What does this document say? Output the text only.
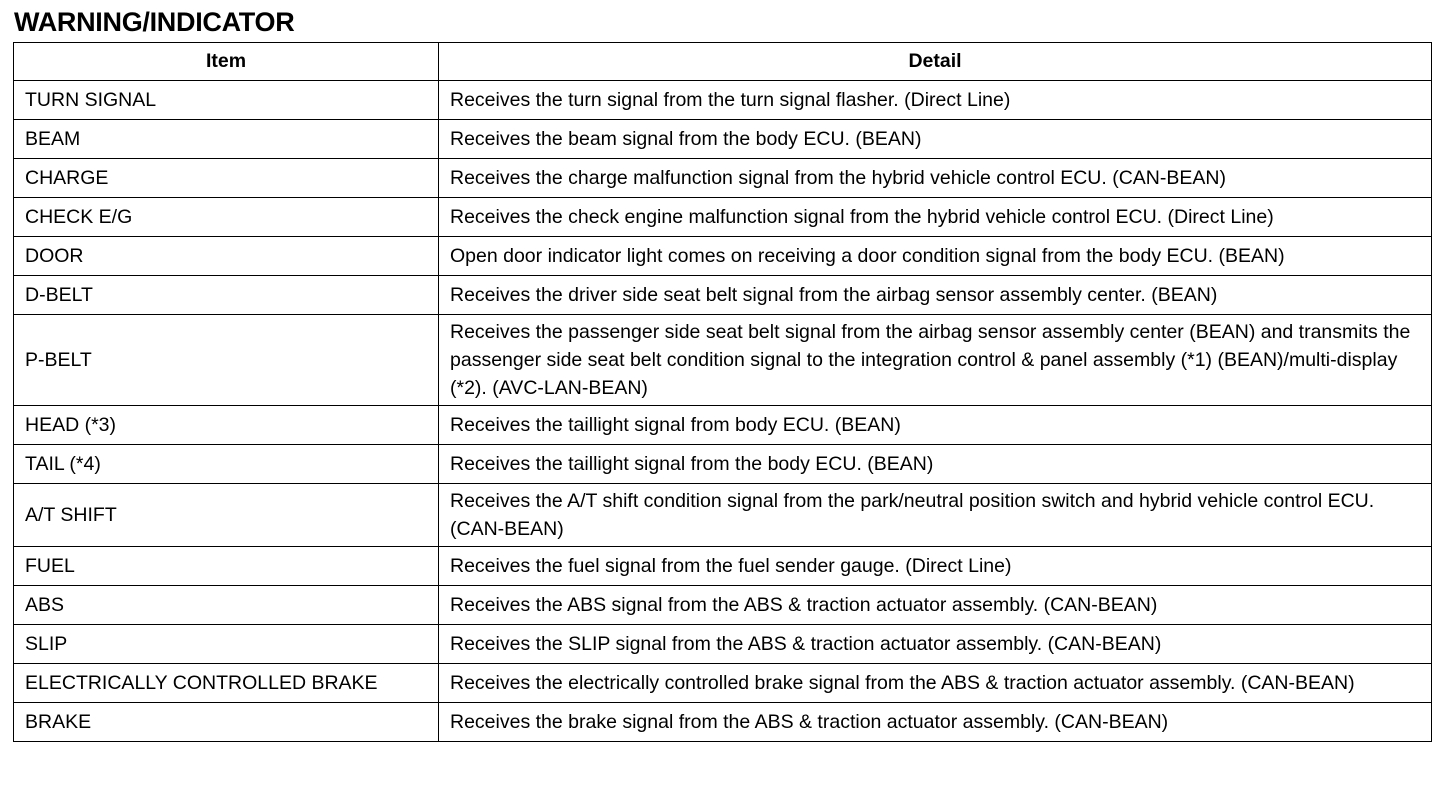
WARNING/INDICATOR
Item	Detail
TURN SIGNAL	Receives the turn signal from the turn signal flasher. (Direct Line)
BEAM	Receives the beam signal from the body ECU. (BEAN)
CHARGE	Receives the charge malfunction signal from the hybrid vehicle control ECU. (CAN-BEAN)
CHECK E/G	Receives the check engine malfunction signal from the hybrid vehicle control ECU. (Direct Line)
DOOR	Open door indicator light comes on receiving a door condition signal from the body ECU. (BEAN)
D-BELT	Receives the driver side seat belt signal from the airbag sensor assembly center. (BEAN)
P-BELT	Receives the passenger side seat belt signal from the airbag sensor assembly center (BEAN) and transmits the passenger side seat belt condition signal to the integration control & panel assembly (*1) (BEAN)/multi-display (*2). (AVC-LAN-BEAN)
HEAD (*3)	Receives the taillight signal from body ECU. (BEAN)
TAIL (*4)	Receives the taillight signal from the body ECU. (BEAN)
A/T SHIFT	Receives the A/T shift condition signal from the park/neutral position switch and hybrid vehicle control ECU. (CAN-BEAN)
FUEL	Receives the fuel signal from the fuel sender gauge. (Direct Line)
ABS	Receives the ABS signal from the ABS & traction actuator assembly. (CAN-BEAN)
SLIP	Receives the SLIP signal from the ABS & traction actuator assembly. (CAN-BEAN)
ELECTRICALLY CONTROLLED BRAKE	Receives the electrically controlled brake signal from the ABS & traction actuator assembly. (CAN-BEAN)
BRAKE	Receives the brake signal from the ABS & traction actuator assembly. (CAN-BEAN)
